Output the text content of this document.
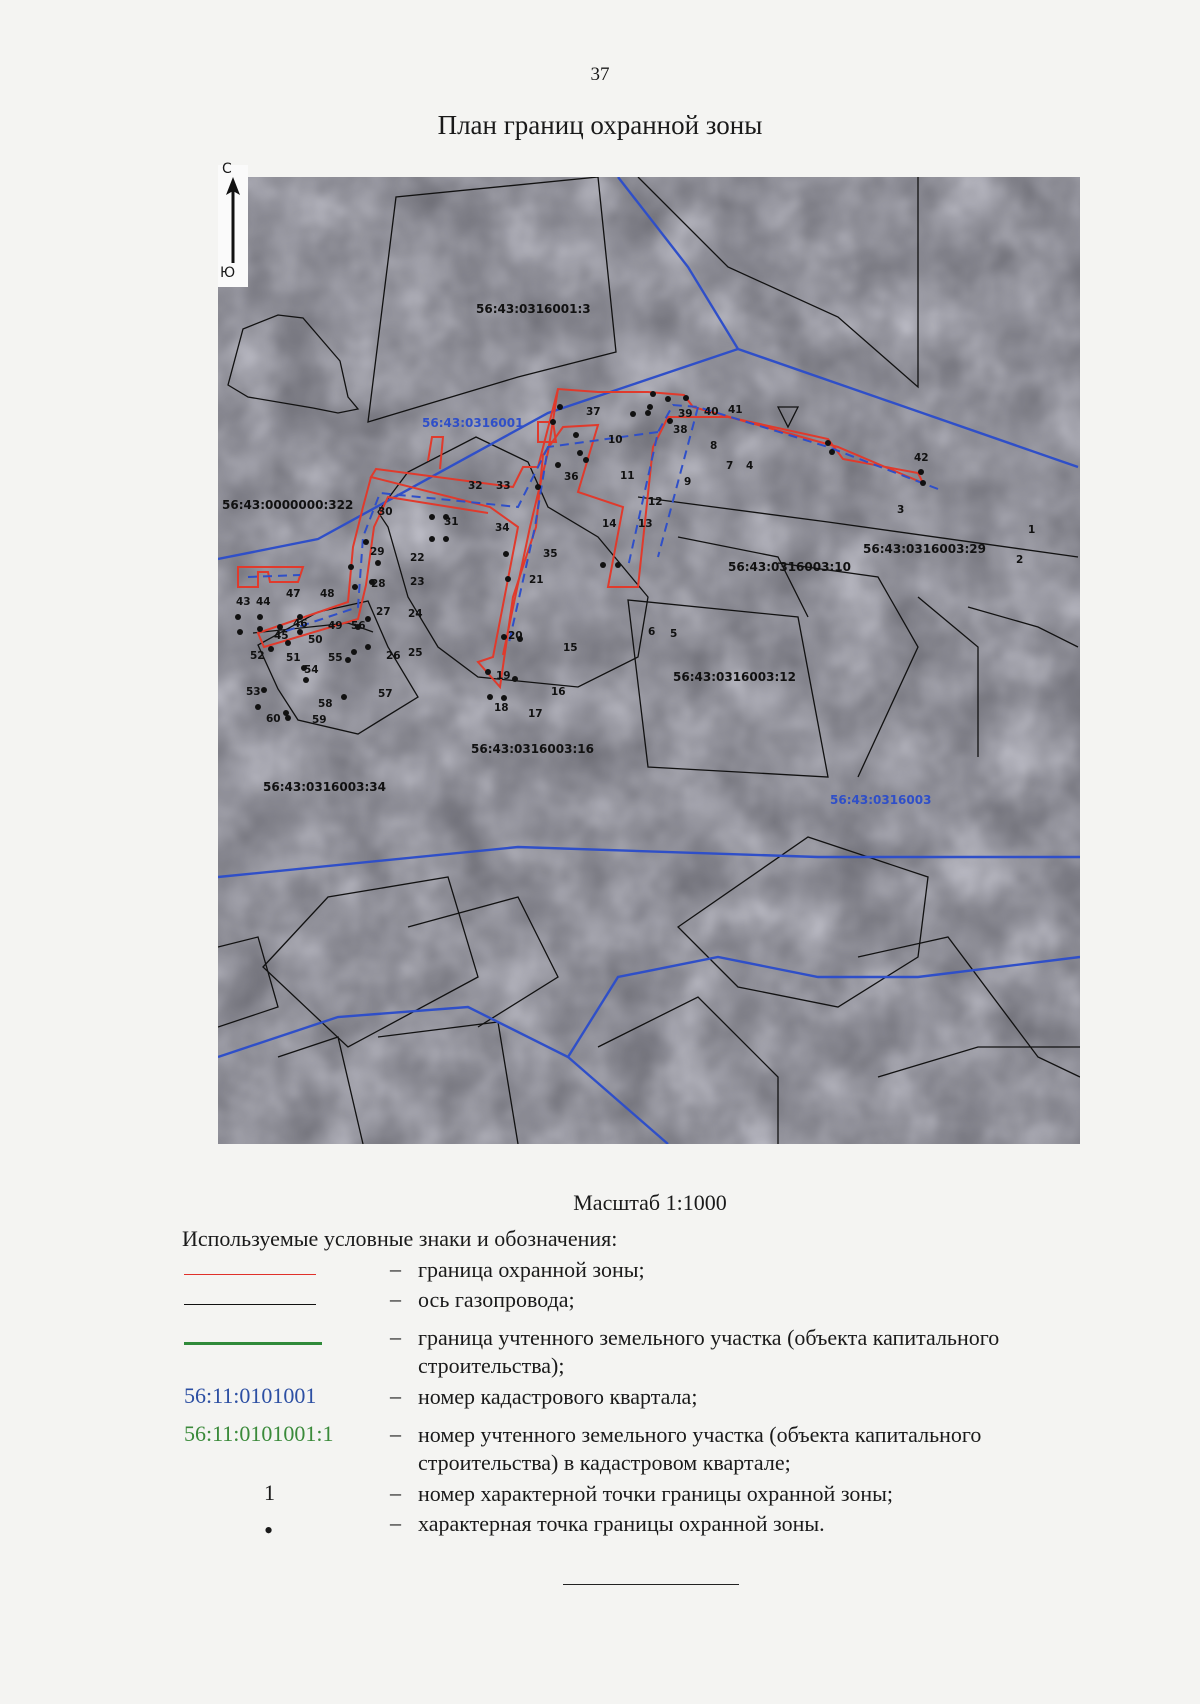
37
План границ охранной зоны
56:43:0316001:3
56:43:0000000:322
56:43:0316003:29
56:43:0316003:10
56:43:0316003:12
56:43:0316003:16
56:43:0316003:34
56:43:0316001
56:43:0316003
1
2
3
4
5
6
7
8
9
10
11
12
13
14
15
16
17
18
19
20
21
22
23
24
25
26
27
28
29
30
31
32 33
34
35
36
37
38
39 40 41
42
43 44
45
46
47 48
49
50
51
52
53
54
55
56
57
58
59
60
С
Ю
Масштаб 1:1000
Используемые условные знаки и обозначения:
– граница охранной зоны;
– ось газопровода;
– граница учтенного земельного участка (объекта капитального строительства);
56:11:0101001	– номер кадастрового квартала;
56:11:0101001:1	– номер учтенного земельного участка (объекта капитального строительства) в кадастровом квартале;
1	– номер характерной точки границы охранной зоны;
•	– характерная точка границы охранной зоны.
